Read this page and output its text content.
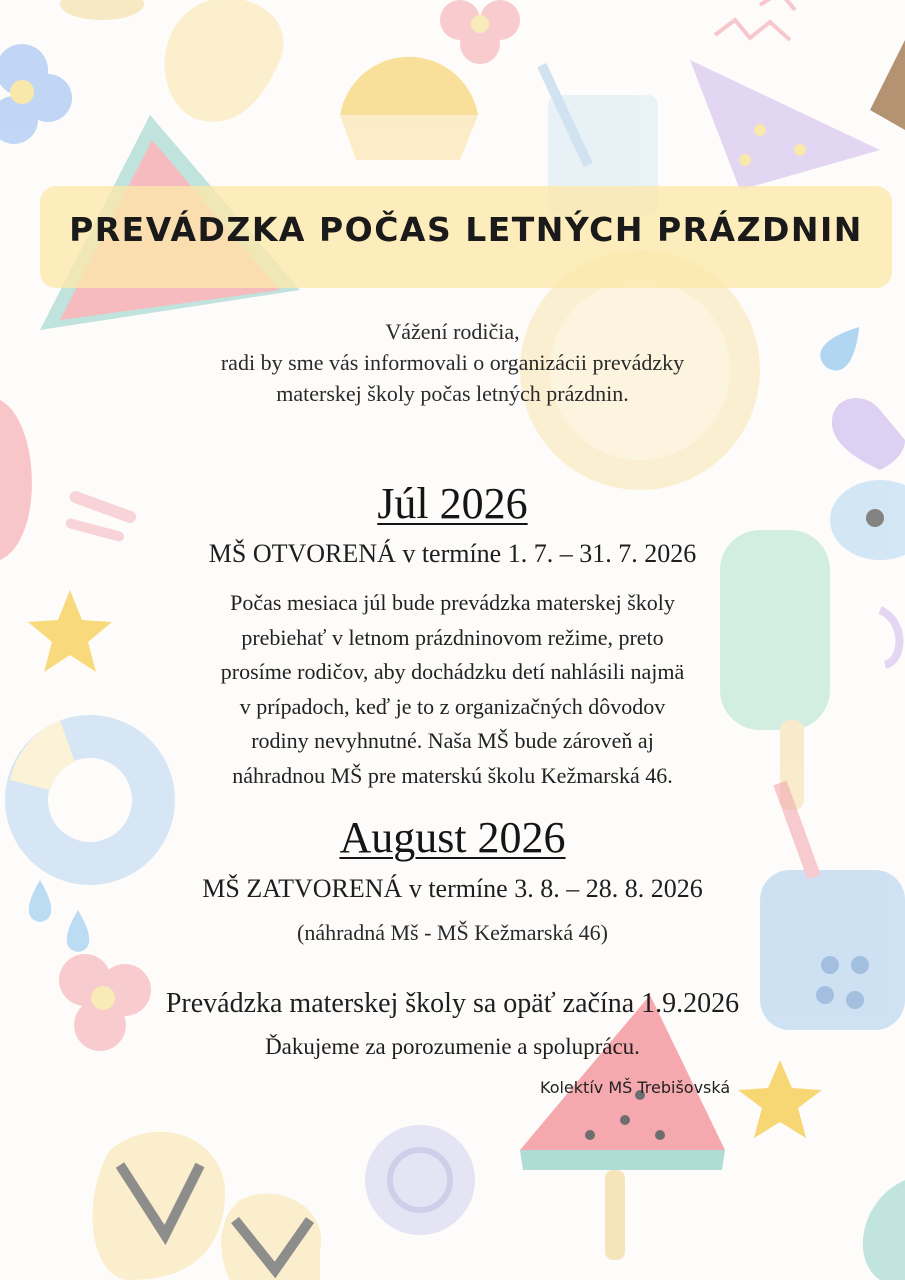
PREVÁDZKA POČAS LETNÝCH PRÁZDNIN
Vážení rodičia,
radi by sme vás informovali o organizácii prevádzky
materskej školy počas letných prázdnin.
Júl 2026
MŠ OTVORENÁ v termíne 1. 7. – 31. 7. 2026
Počas mesiaca júl bude prevádzka materskej školy
prebiehať v letnom prázdninovom režime, preto
prosíme rodičov, aby dochádzku detí nahlásili najmä
v prípadoch, keď je to z organizačných dôvodov
rodiny nevyhnutné. Naša MŠ bude zároveň aj
náhradnou MŠ pre materskú školu Kežmarská 46.
August 2026
MŠ ZATVORENÁ v termíne 3. 8. – 28. 8. 2026
(náhradná Mš - MŠ Kežmarská 46)
Prevádzka materskej školy sa opäť začína 1.9.2026
Ďakujeme za porozumenie a spoluprácu.
Kolektív MŠ Trebišovská
